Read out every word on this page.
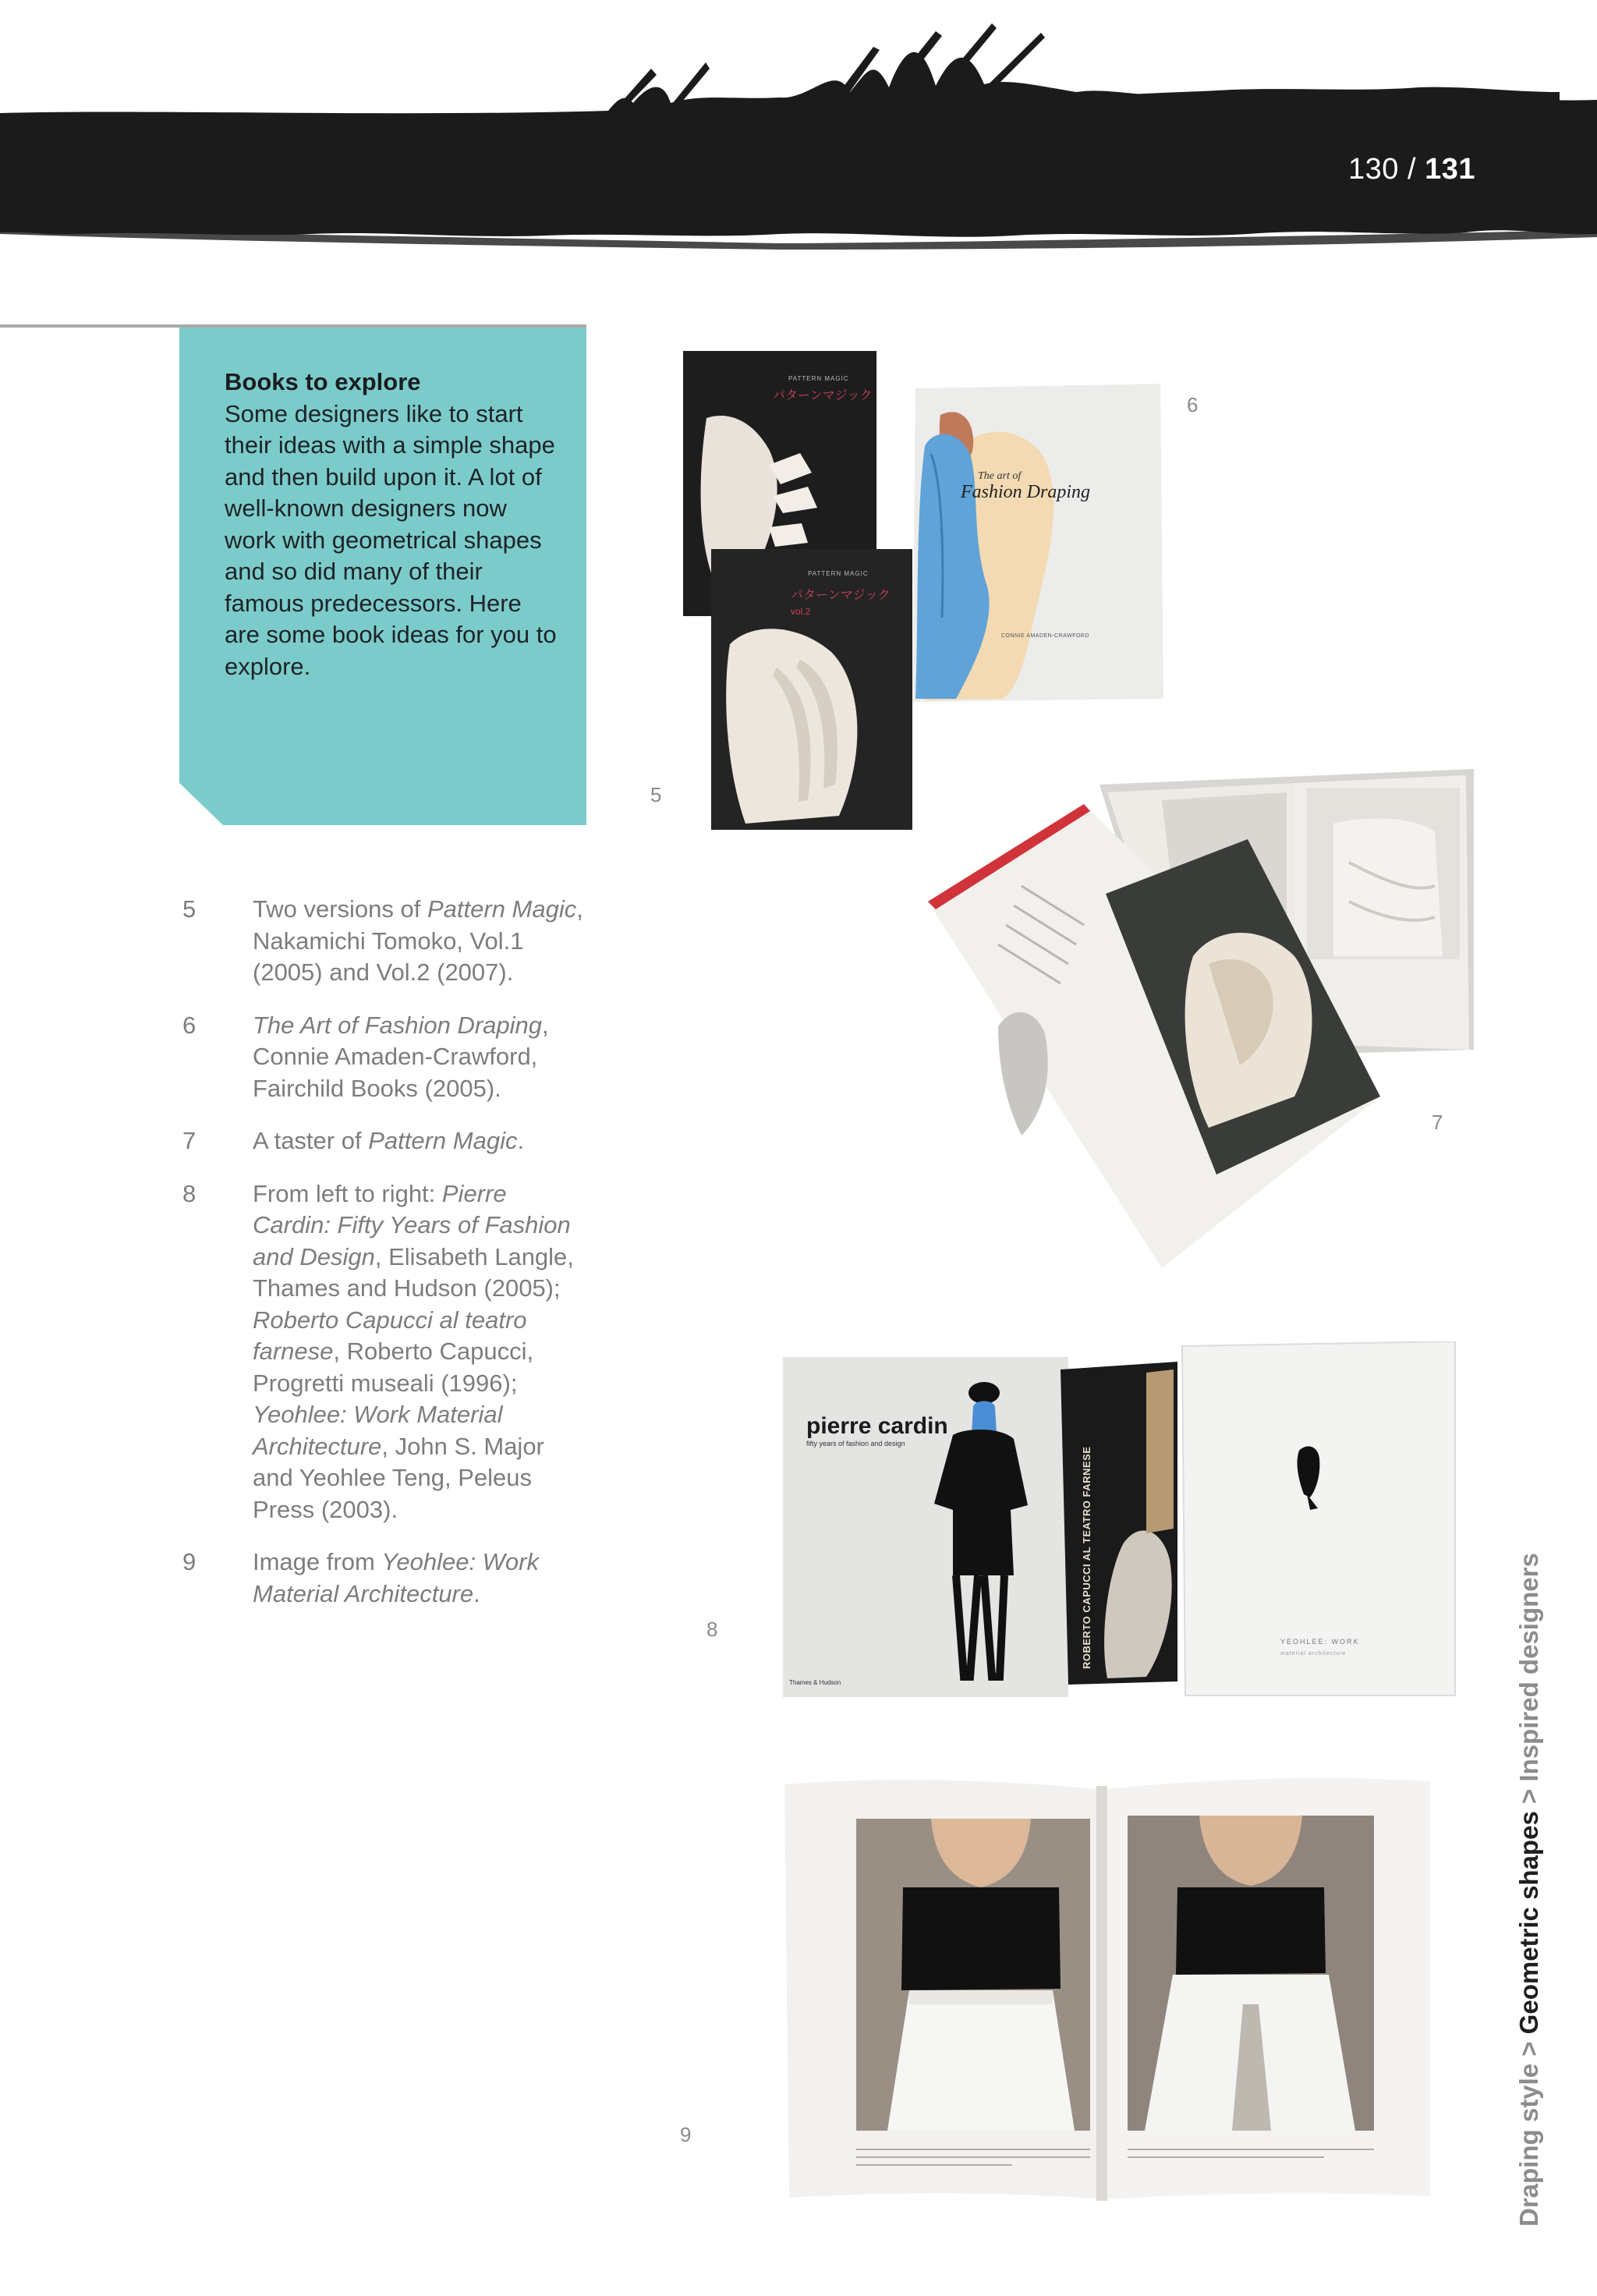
130 / 131
Books to explore
Some designers like to start their ideas with a simple shape and then build upon it. A lot of well-known designers now work with geometrical shapes and so did many of their famous predecessors. Here are some book ideas for you to explore.
5 Two versions of Pattern Magic, Nakamichi Tomoko, Vol.1 (2005) and Vol.2 (2007).
6 The Art of Fashion Draping, Connie Amaden-Crawford, Fairchild Books (2005).
7 A taster of Pattern Magic.
8 From left to right: Pierre Cardin: Fifty Years of Fashion and Design, Elisabeth Langle, Thames and Hudson (2005); Roberto Capucci al teatro farnese, Roberto Capucci, Progretti museali (1996); Yeohlee: Work Material Architecture, John S. Major and Yeohlee Teng, Peleus Press (2003).
9 Image from Yeohlee: Work Material Architecture.
PATTERN MAGIC
パターンマジック
PATTERN MAGIC
パターンマジック
vol.2
5
The art of
Fashion Draping
CONNIE AMADEN-CRAWFORD
6
7
pierre cardin
fifty years of fashion and design
Thames & Hudson
ROBERTO CAPUCCI AL TEATRO FARNESE	YEOHLEE: WORK
material architecture
8
9	Draping style > Geometric shapes > Inspired designers
